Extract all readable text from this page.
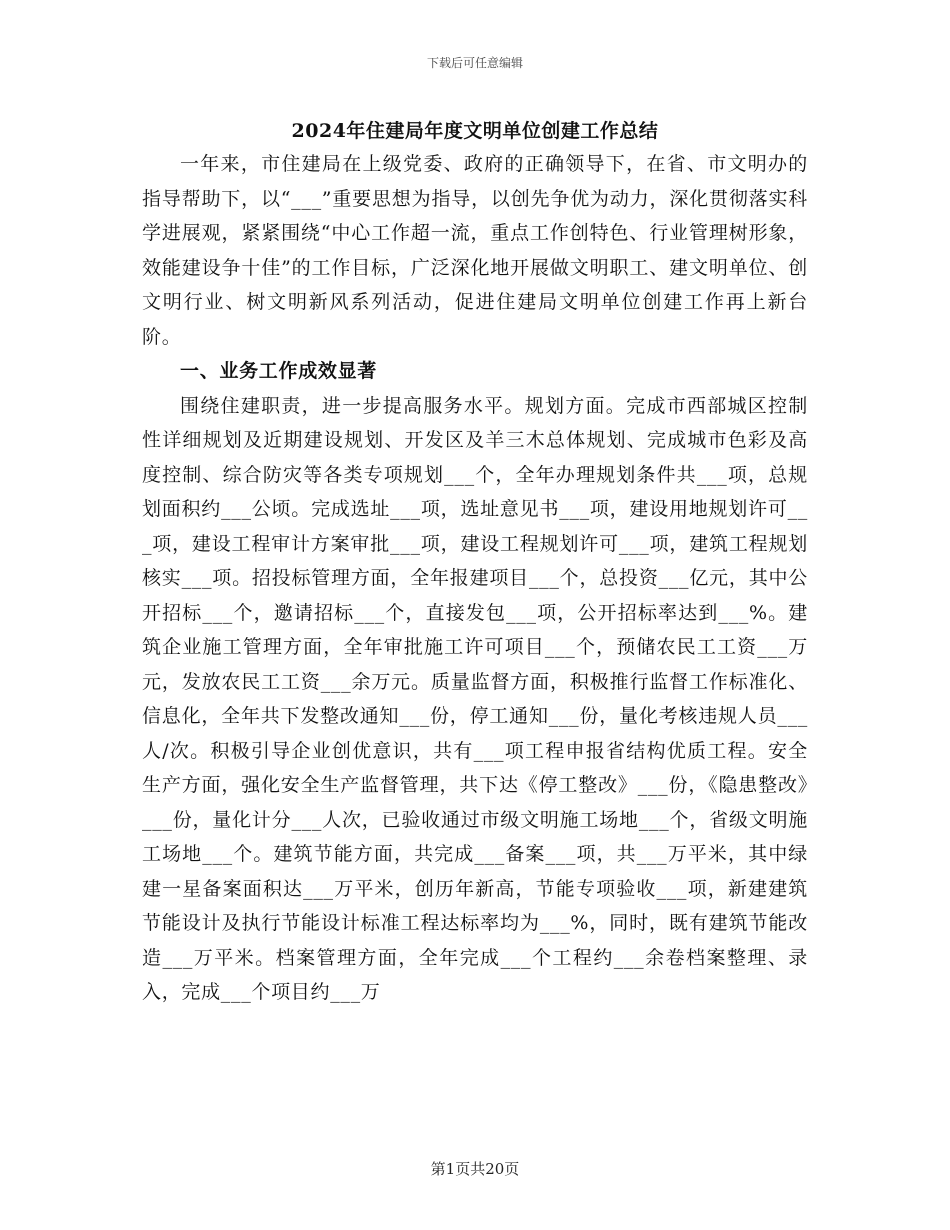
下载后可任意编辑
2024年住建局年度文明单位创建工作总结

一年来，市住建局在上级党委、政府的正确领导下，在省、市文明办的指导帮助下，以“___”重要思想为指导，以创先争优为动力，深化贯彻落实科学进展观，紧紧围绕“中心工作超一流，重点工作创特色、行业管理树形象，效能建设争十佳”的工作目标，广泛深化地开展做文明职工、建文明单位、创文明行业、树文明新风系列活动，促进住建局文明单位创建工作再上新台阶。

一、业务工作成效显著

围绕住建职责，进一步提高服务水平。规划方面。完成市西部城区控制性详细规划及近期建设规划、开发区及羊三木总体规划、完成城市色彩及高度控制、综合防灾等各类专项规划___个，全年办理规划条件共___项，总规划面积约___公顷。完成选址___项，选址意见书___项，建设用地规划许可___项，建设工程审计方案审批___项，建设工程规划许可___项，建筑工程规划核实___项。招投标管理方面，全年报建项目___个，总投资___亿元，其中公开招标___个，邀请招标___个，直接发包___项，公开招标率达到___%。建筑企业施工管理方面，全年审批施工许可项目___个，预储农民工工资___万元，发放农民工工资___余万元。质量监督方面，积极推行监督工作标准化、信息化，全年共下发整改通知___份，停工通知___份，量化考核违规人员___人/次。积极引导企业创优意识，共有___项工程申报省结构优质工程。安全生产方面，强化安全生产监督管理，共下达《停工整改》___份，《隐患整改》___份，量化计分___人次，已验收通过市级文明施工场地___个，省级文明施工场地___个。建筑节能方面，共完成___备案___项，共___万平米，其中绿建一星备案面积达___万平米，创历年新高，节能专项验收___项，新建建筑节能设计及执行节能设计标准工程达标率均为___%，同时，既有建筑节能改造___万平米。档案管理方面，全年完成___个工程约___余卷档案整理、录入，完成___个项目约___万

第1页共20页
